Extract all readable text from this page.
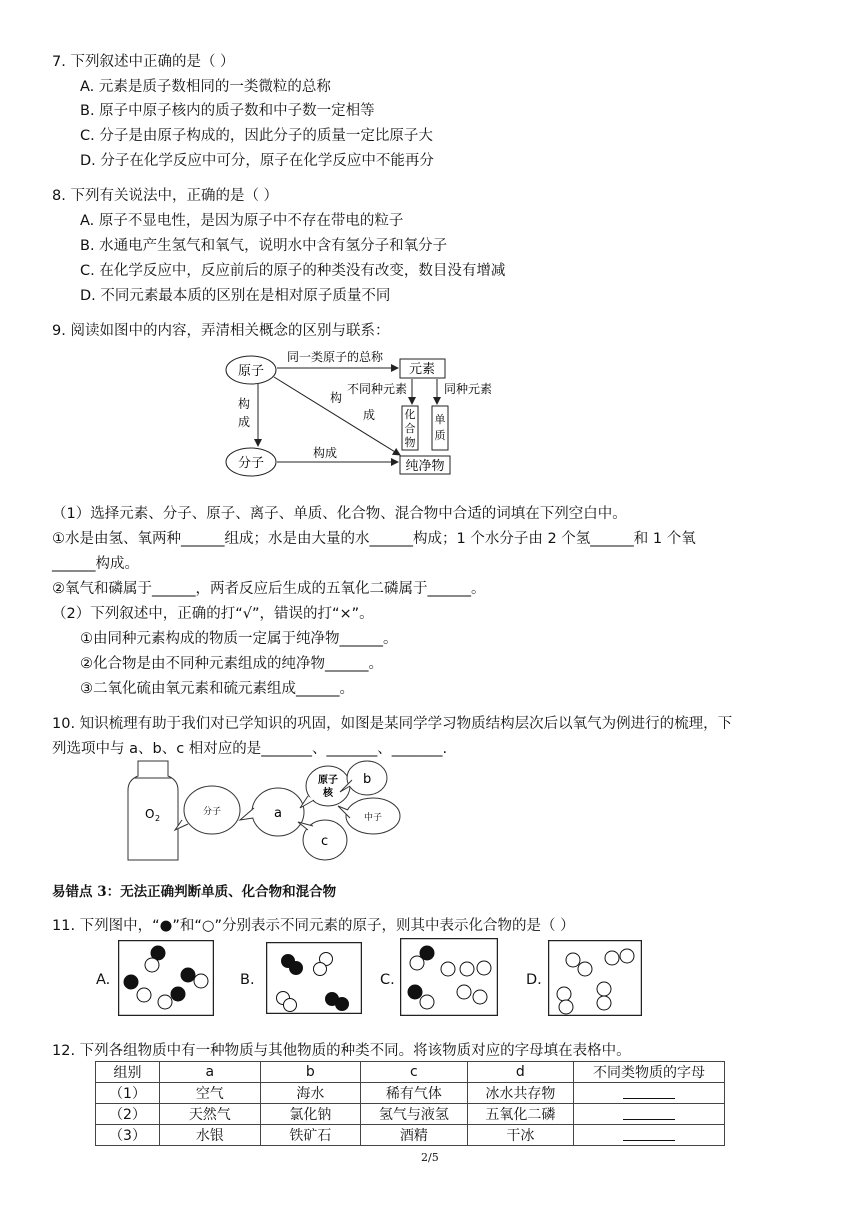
7. 下列叙述中正确的是（ ）
A. 元素是质子数相同的一类微粒的总称
B. 原子中原子核内的质子数和中子数一定相等
C. 分子是由原子构成的，因此分子的质量一定比原子大
D. 分子在化学反应中可分，原子在化学反应中不能再分
8. 下列有关说法中，正确的是（ ）
A. 原子不显电性，是因为原子中不存在带电的粒子
B. 水通电产生氢气和氧气，说明水中含有氢分子和氧分子
C. 在化学反应中，反应前后的原子的种类没有改变，数目没有增减
D. 不同元素最本质的区别在是相对原子质量不同
9. 阅读如图中的内容，弄清相关概念的区别与联系：
原子	元素
分子	纯净物
化
合
物
单
质
同一类原子的总称
不同种元素	同种元素
构
成
构
成
构成
（1）选择元素、分子、原子、离子、单质、化合物、混合物中合适的词填在下列空白中。
①水是由氢、氧两种______组成；水是由大量的水______构成；1 个水分子由 2 个氢______和 1 个氧
______构成。
②氧气和磷属于______，两者反应后生成的五氧化二磷属于______。
（2）下列叙述中，正确的打“√”，错误的打“×”。
①由同种元素构成的物质一定属于纯净物______。
②化合物是由不同种元素组成的纯净物______。
③二氧化硫由氧元素和硫元素组成______。
10. 知识梳理有助于我们对已学知识的巩固，如图是某同学学习物质结构层次后以氧气为例进行的梳理，下
列选项中与 a、b、c 相对应的是_______、_______、_______.
O 2
分子	a
原子
核
b
中子
c
易错点 3：无法正确判断单质、化合物和混合物
11. 下列图中，“●”和“○”分别表示不同元素的原子，则其中表示化合物的是（ ）
A.	B.	C.	D.
12. 下列各组物质中有一种物质与其他物质的种类不同。将该物质对应的字母填在表格中。
组别	a	b	c	d	不同类物质的字母
（1）	空气	海水	稀有气体	冰水共存物	
（2）	天然气	氯化钠	氢气与液氢	五氧化二磷	
（3）	水银	铁矿石	酒精	干冰	
2/5
